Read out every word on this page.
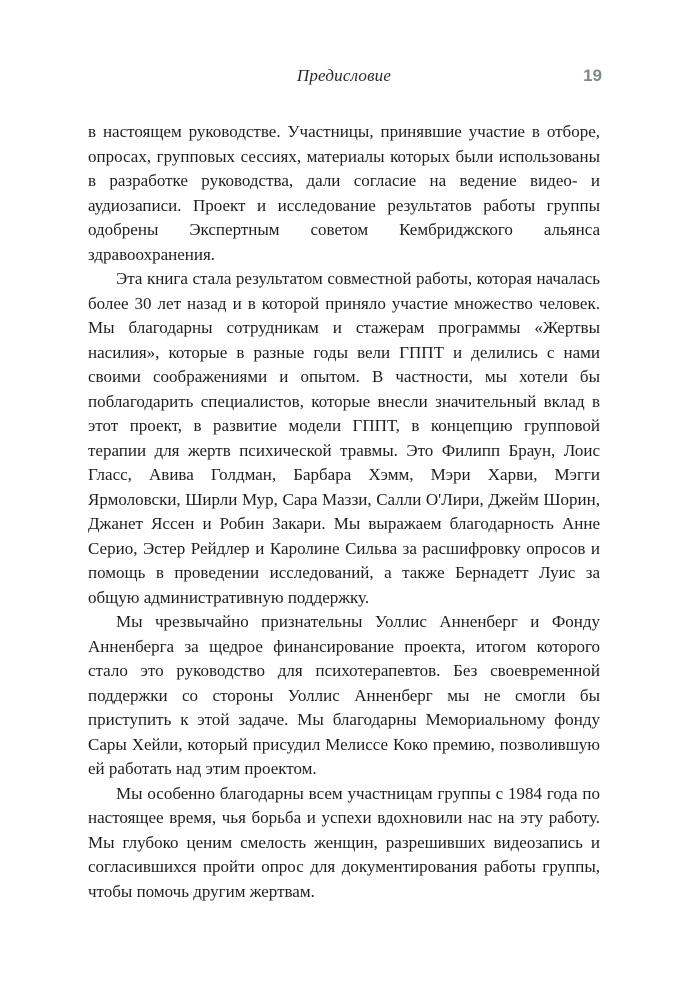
Предисловие	19

в настоящем руководстве. Участницы, принявшие участие в отборе, опросах, групповых сессиях, материалы которых были использованы в разработке руководства, дали согласие на ведение видео- и аудиозаписи. Проект и исследование результатов работы группы одобрены Экспертным советом Кембриджского альянса здравоохранения.

Эта книга стала результатом совместной работы, которая началась более 30 лет назад и в которой приняло участие множество человек. Мы благодарны сотрудникам и стажерам программы «Жертвы насилия», которые в разные годы вели ГППТ и делились с нами своими соображениями и опытом. В частности, мы хотели бы поблагодарить специалистов, которые внесли значительный вклад в этот проект, в развитие модели ГППТ, в концепцию групповой терапии для жертв психической травмы. Это Филипп Браун, Лоис Гласс, Авива Голдман, Барбара Хэмм, Мэри Харви, Мэгги Ярмоловски, Ширли Мур, Сара Маззи, Салли О'Лири, Джейм Шорин, Джанет Яссен и Робин Закари. Мы выражаем благодарность Анне Серио, Эстер Рейдлер и Каролине Сильва за расшифровку опросов и помощь в проведении исследований, а также Бернадетт Луис за общую административную поддержку.

Мы чрезвычайно признательны Уоллис Анненберг и Фонду Анненберга за щедрое финансирование проекта, итогом которого стало это руководство для психотерапевтов. Без своевременной поддержки со стороны Уоллис Анненберг мы не смогли бы приступить к этой задаче. Мы благодарны Мемориальному фонду Сары Хейли, который присудил Мелиссе Коко премию, позволившую ей работать над этим проектом.

Мы особенно благодарны всем участницам группы с 1984 года по настоящее время, чья борьба и успехи вдохновили нас на эту работу. Мы глубоко ценим смелость женщин, разрешивших видеозапись и согласившихся пройти опрос для документирования работы группы, чтобы помочь другим жертвам.
